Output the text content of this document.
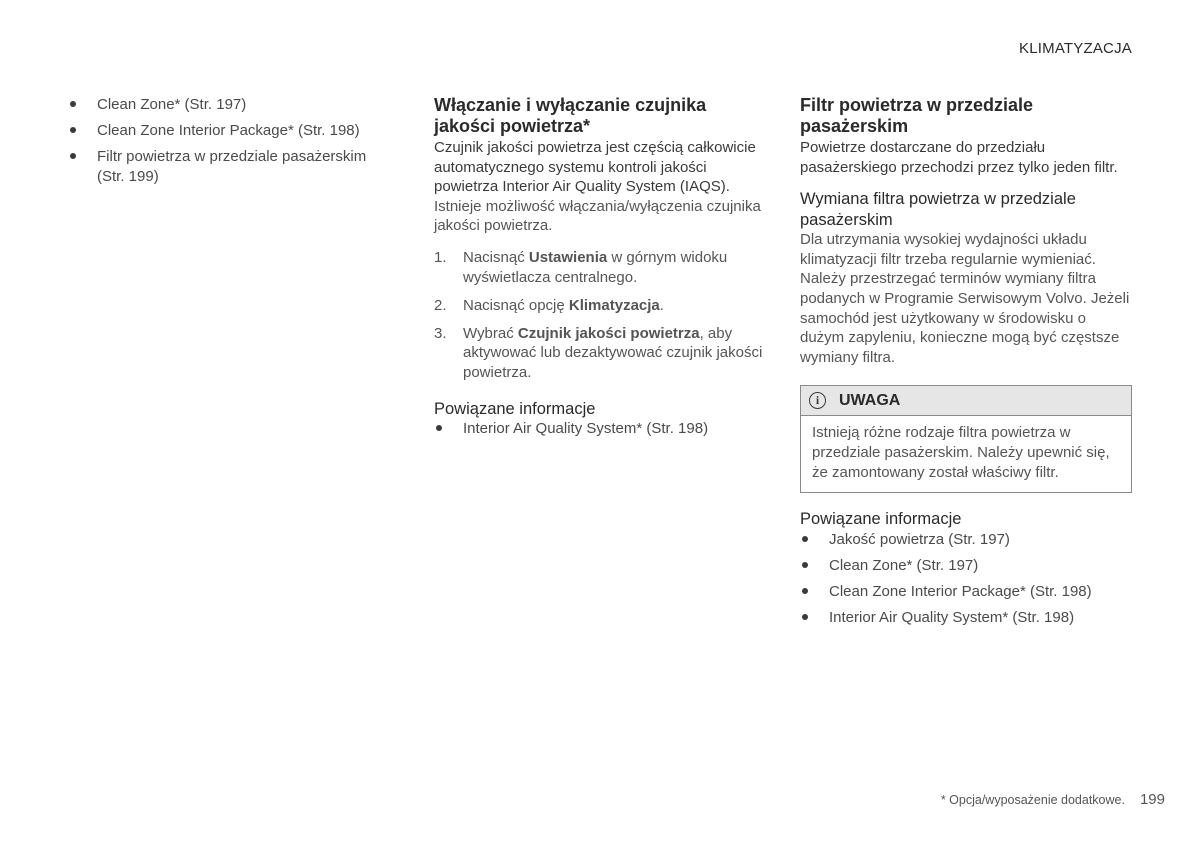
KLIMATYZACJA
Clean Zone* (Str. 197)
Clean Zone Interior Package* (Str. 198)
Filtr powietrza w przedziale pasażerskim (Str. 199)
Włączanie i wyłączanie czujnika jakości powietrza*

Czujnik jakości powietrza jest częścią całkowicie automatycznego systemu kontroli jakości powietrza Interior Air Quality System (IAQS).

Istnieje możliwość włączania/wyłączenia czujnika jakości powietrza.

1. Nacisnąć Ustawienia w górnym widoku wyświetlacza centralnego.
2. Nacisnąć opcję Klimatyzacja.
3. Wybrać Czujnik jakości powietrza, aby aktywować lub dezaktywować czujnik jakości powietrza.
Powiązane informacje
Interior Air Quality System* (Str. 198)
Filtr powietrza w przedziale pasażerskim

Powietrze dostarczane do przedziału pasażerskiego przechodzi przez tylko jeden filtr.

Wymiana filtra powietrza w przedziale pasażerskim

Dla utrzymania wysokiej wydajności układu klimatyzacji filtr trzeba regularnie wymieniać. Należy przestrzegać terminów wymiany filtra podanych w Programie Serwisowym Volvo. Jeżeli samochód jest użytkowany w środowisku o dużym zapyleniu, konieczne mogą być częstsze wymiany filtra.

i	UWAGA

Istnieją różne rodzaje filtra powietrza w przedziale pasażerskim. Należy upewnić się, że zamontowany został właściwy filtr.

Powiązane informacje
Jakość powietrza (Str. 197)
Clean Zone* (Str. 197)
Clean Zone Interior Package* (Str. 198)
Interior Air Quality System* (Str. 198)
* Opcja/wyposażenie dodatkowe. 199
